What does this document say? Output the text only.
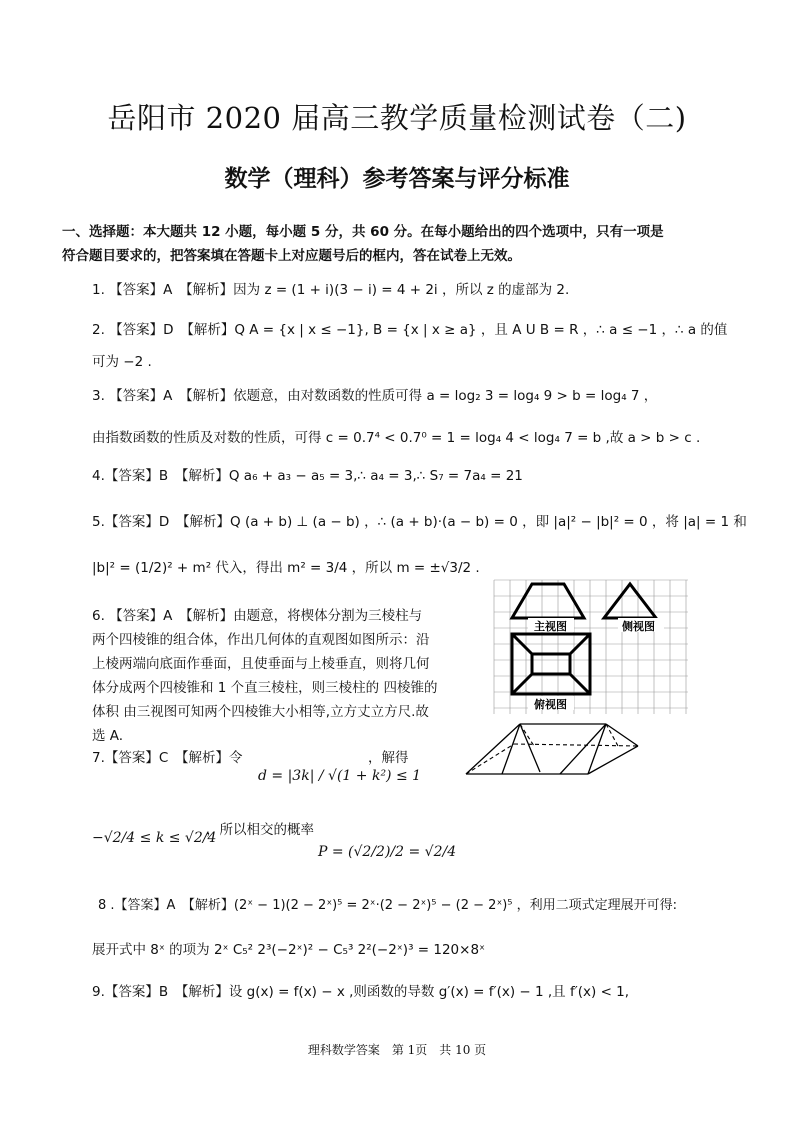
岳阳市 2020 届高三教学质量检测试卷（二)
数学（理科）参考答案与评分标准
一、选择题：本大题共 12 小题，每小题 5 分，共 60 分。在每小题给出的四个选项中，只有一项是
符合题目要求的，把答案填在答题卡上对应题号后的框内，答在试卷上无效。
1. 【答案】A　【解析】因为 z = (1 + i)(3 − i) = 4 + 2i ，所以 z 的虚部为 2.
2. 【答案】D　【解析】Q A = {x | x ≤ −1}, B = {x | x ≥ a} ，且 A U B = R ，∴ a ≤ −1 ，∴ a 的值
可为 −2 .
3. 【答案】A　【解析】依题意，由对数函数的性质可得 a = log₂ 3 = log₄ 9 > b = log₄ 7 ，
由指数函数的性质及对数的性质，可得 c = 0.7⁴ < 0.7⁰ = 1 = log₄ 4 < log₄ 7 = b ,故 a > b > c .
4.【答案】B　【解析】Q a₆ + a₃ − a₅ = 3,∴ a₄ = 3,∴ S₇ = 7a₄ = 21
5.【答案】D　【解析】Q (a + b) ⊥ (a − b) ，∴ (a + b)·(a − b) = 0 ，即 |a|² − |b|² = 0 ，将 |a| = 1 和
|b|² = (1/2)² + m² 代入，得出 m² = 3/4 ，所以 m = ±√3/2 .
6. 【答案】A　【解析】由题意，将楔体分割为三棱柱与
两个四棱锥的组合体，作出几何体的直观图如图所示：沿
上棱两端向底面作垂面，且使垂面与上棱垂直，则将几何
体分成两个四棱锥和 1 个直三棱柱，则三棱柱的 四棱锥的
体积 由三视图可知两个四棱锥大小相等,立方丈立方尺.故
选 A.
7.【答案】C　【解析】令	，解得
d = |3k| / √(1 + k²) ≤ 1
−√2/4 ≤ k ≤ √2/4
，所以相交的概率
P = (√2/2)/2 = √2/4
8 .【答案】A　【解析】(2ˣ − 1)(2 − 2ˣ)⁵ = 2ˣ·(2 − 2ˣ)⁵ − (2 − 2ˣ)⁵ ，利用二项式定理展开可得:
展开式中 8ˣ 的项为 2ˣ C₅² 2³(−2ˣ)² − C₅³ 2²(−2ˣ)³ = 120×8ˣ
9.【答案】B　【解析】设 g(x) = f(x) − x ,则函数的导数 g′(x) = f′(x) − 1 ,且 f′(x) < 1,
主视图	侧视图
俯视图
理科数学答案　第 1页　共 10 页
